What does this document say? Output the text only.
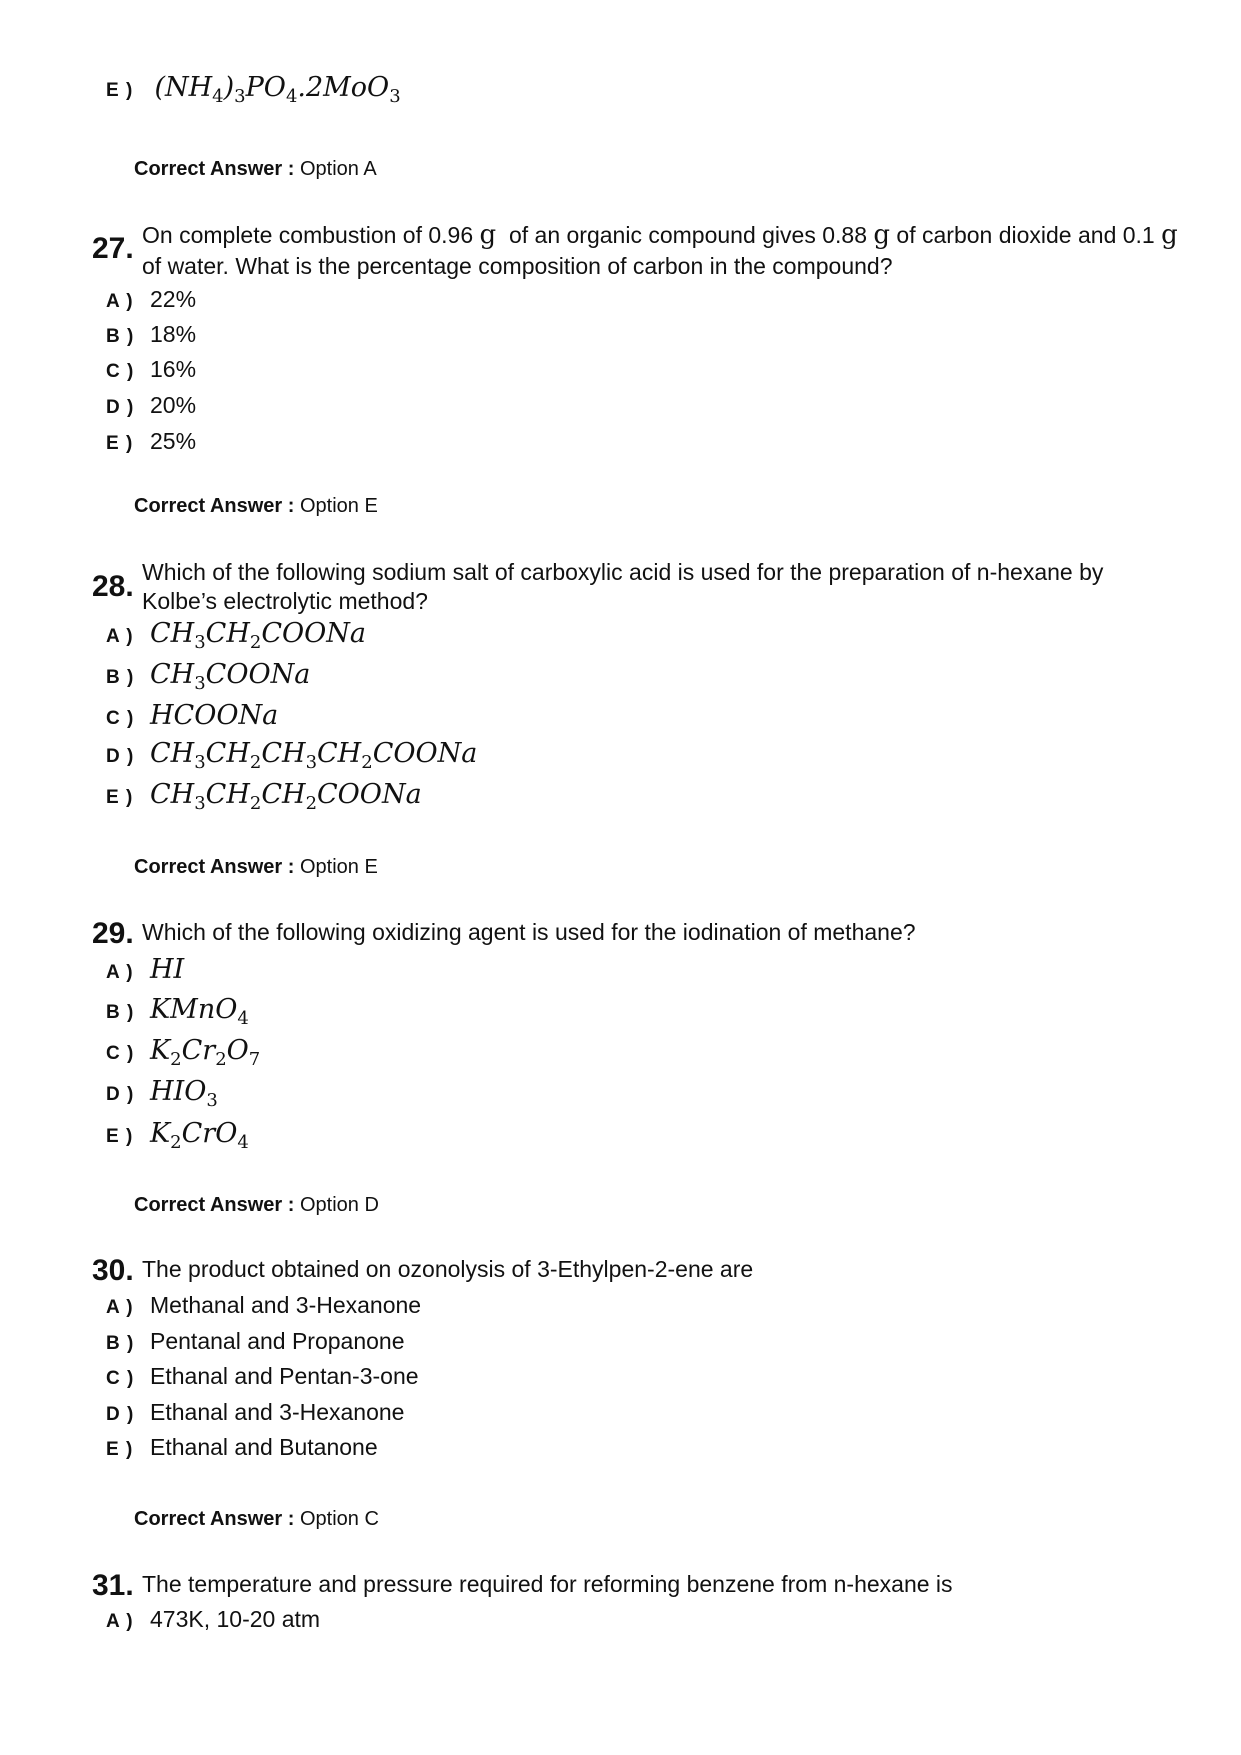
E ) $(NH_4)_3PO_4.2MoO_3$
Correct Answer : Option A
27. On complete combustion of 0.96 g  of an organic compound gives 0.88 g of carbon dioxide and 0.1 g of water. What is the percentage composition of carbon in the compound?
A ) 22%
B ) 18%
C ) 16%
D ) 20%
E ) 25%
Correct Answer : Option E
28. Which of the following sodium salt of carboxylic acid is used for the preparation of n-hexane by Kolbe’s electrolytic method?
A ) $CH_3CH_2COONa$
B ) $CH_3COONa$
C ) HCOONa
D ) $CH_3CH_2CH_3CH_2COONa$
E ) $CH_3CH_2CH_2COONa$
Correct Answer : Option E
29. Which of the following oxidizing agent is used for the iodination of methane?
A ) HI
B ) KMnO$_4$
C ) $K_2Cr_2O_7$
D ) $HIO_3$
E ) $K_2CrO_4$
Correct Answer : Option D
30. The product obtained on ozonolysis of 3-Ethylpen-2-ene are
A ) Methanal and 3-Hexanone
B ) Pentanal and Propanone
C ) Ethanal and Pentan-3-one
D ) Ethanal and 3-Hexanone
E ) Ethanal and Butanone
Correct Answer : Option C
31. The temperature and pressure required for reforming benzene from n-hexane is
A ) 473K, 10-20 atm
